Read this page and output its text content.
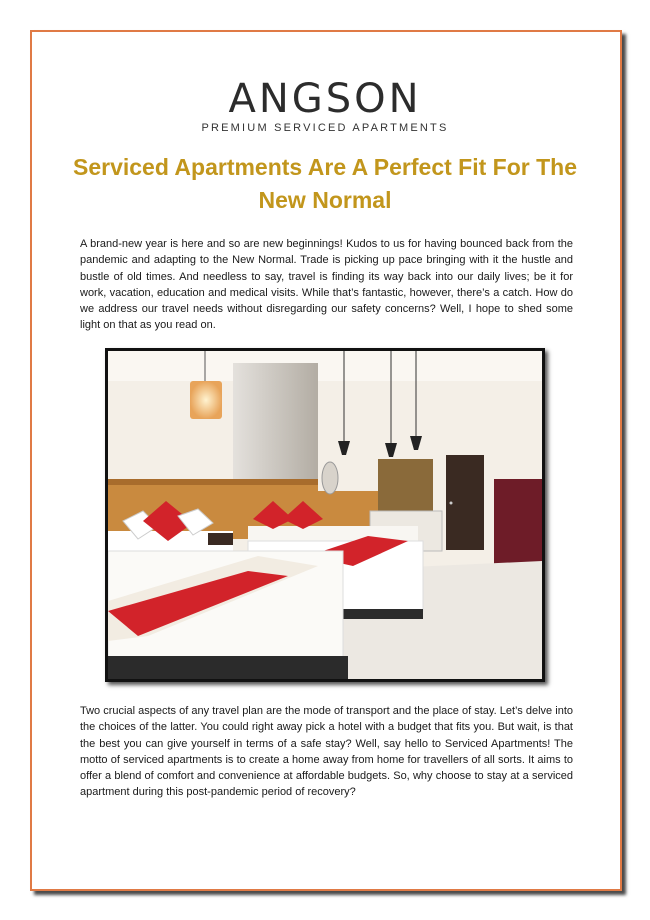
ANGSON
PREMIUM SERVICED APARTMENTS
Serviced Apartments Are A Perfect Fit For The New Normal
A brand-new year is here and so are new beginnings! Kudos to us for having bounced back from the pandemic and adapting to the New Normal. Trade is picking up pace bringing with it the hustle and bustle of old times. And needless to say, travel is finding its way back into our daily lives; be it for work, vacation, education and medical visits. While that’s fantastic, however, there’s a catch. How do we address our travel needs without disregarding our safety concerns? Well, I hope to shed some light on that as you read on.
Two crucial aspects of any travel plan are the mode of transport and the place of stay. Let’s delve into the choices of the latter. You could right away pick a hotel with a budget that fits you. But wait, is that the best you can give yourself in terms of a safe stay? Well, say hello to Serviced Apartments! The motto of serviced apartments is to create a home away from home for travellers of all sorts. It aims to offer a blend of comfort and convenience at affordable budgets. So, why choose to stay at a serviced apartment during this post-pandemic period of recovery?
